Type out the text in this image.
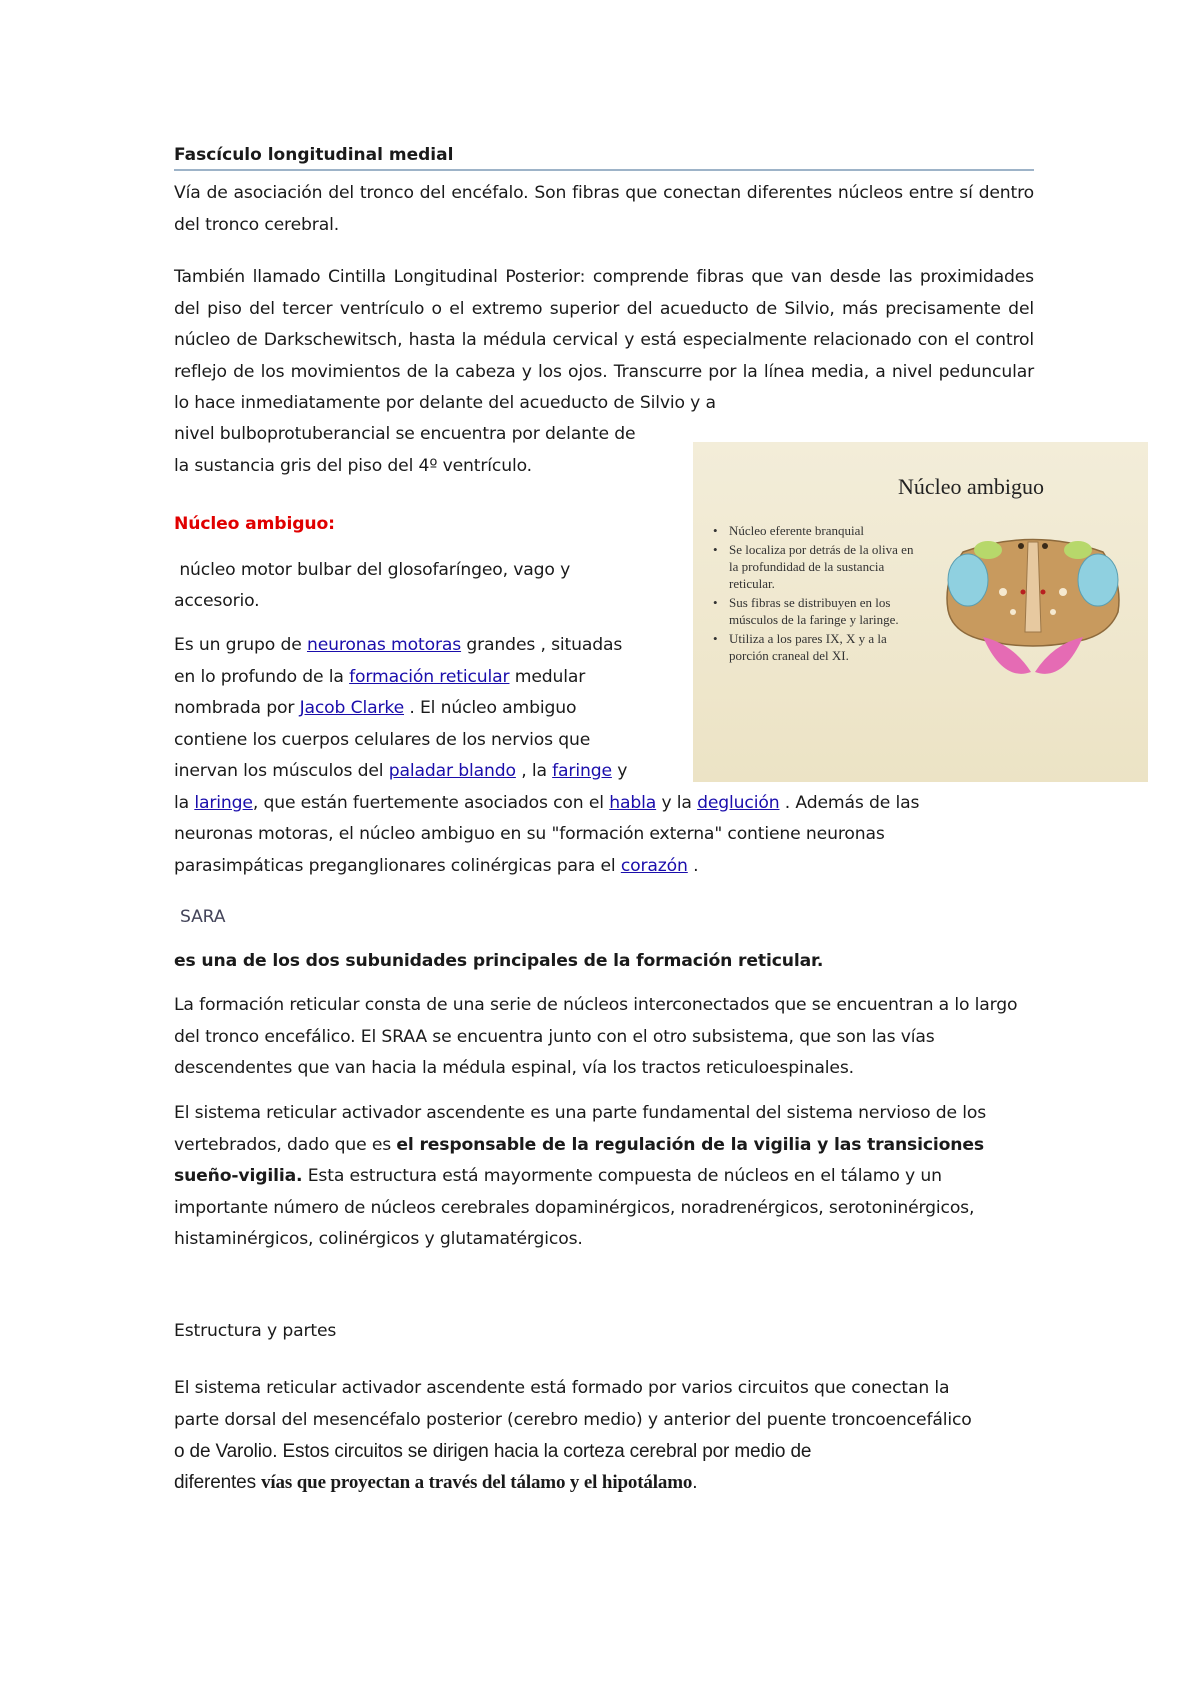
Fascículo longitudinal medial

Vía de asociación del tronco del encéfalo. Son fibras que conectan diferentes núcleos entre sí dentro del tronco cerebral.

También llamado Cintilla Longitudinal Posterior: comprende fibras que van desde las proximidades del piso del tercer ventrículo o el extremo superior del acueducto de Silvio, más precisamente del núcleo de Darkschewitsch, hasta la médula cervical y está especialmente relacionado con el control reflejo de los movimientos de la cabeza y los ojos. Transcurre por la línea media, a nivel peduncular lo hace inmediatamente por delante del acueducto de Silvio y a

nivel bulboprotuberancial se encuentra por delante de

la sustancia gris del piso del 4º ventrículo.

Núcleo ambiguo:

núcleo motor bulbar del glosofaríngeo, vago y

accesorio.

Es un grupo de neuronas motoras grandes , situadas

en lo profundo de la formación reticular medular

nombrada por Jacob Clarke . El núcleo ambiguo

contiene los cuerpos celulares de los nervios que

inervan los músculos del paladar blando , la faringe y

la laringe, que están fuertemente asociados con el habla y la deglución . Además de las

neuronas motoras, el núcleo ambiguo en su "formación externa" contiene neuronas

parasimpáticas preganglionares colinérgicas para el corazón .

SARA

es una de los dos subunidades principales de la formación reticular.

La formación reticular consta de una serie de núcleos interconectados que se encuentran a lo largo del tronco encefálico. El SRAA se encuentra junto con el otro subsistema, que son las vías descendentes que van hacia la médula espinal, vía los tractos reticuloespinales.

El sistema reticular activador ascendente es una parte fundamental del sistema nervioso de los vertebrados, dado que es el responsable de la regulación de la vigilia y las transiciones sueño-vigilia. Esta estructura está mayormente compuesta de núcleos en el tálamo y un importante número de núcleos cerebrales dopaminérgicos, noradrenérgicos, serotoninérgicos, histaminérgicos, colinérgicos y glutamatérgicos.

Estructura y partes

El sistema reticular activador ascendente está formado por varios circuitos que conectan la

parte dorsal del mesencéfalo posterior (cerebro medio) y anterior del puente troncoencefálico

o de Varolio. Estos circuitos se dirigen hacia la corteza cerebral por medio de

diferentes vías que proyectan a través del tálamo y el hipotálamo.

Núcleo ambiguo
• Núcleo eferente branquial
• Se localiza por detrás de la oliva en la profundidad de la sustancia reticular.
• Sus fibras se distribuyen en los músculos de la faringe y laringe.
• Utiliza a los pares IX, X y a la porción craneal del XI.
